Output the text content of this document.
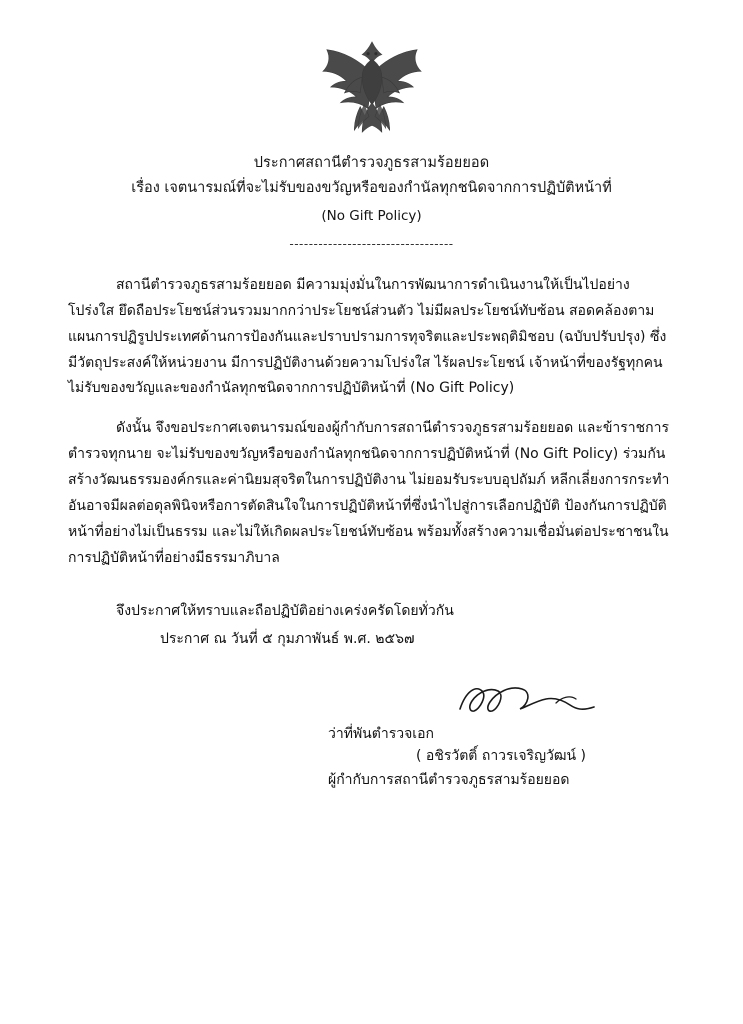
ประกาศสถานีตำรวจภูธรสามร้อยยอด
เรื่อง เจตนารมณ์ที่จะไม่รับของขวัญหรือของกำนัลทุกชนิดจากการปฏิบัติหน้าที่
(No Gift Policy)
----------------------------------

สถานีตำรวจภูธรสามร้อยยอด มีความมุ่งมั่นในการพัฒนาการดำเนินงานให้เป็นไปอย่างโปร่งใส ยึดถือประโยชน์ส่วนรวมมากกว่าประโยชน์ส่วนตัว ไม่มีผลประโยชน์ทับซ้อน สอดคล้องตามแผนการปฏิรูปประเทศด้านการป้องกันและปราบปรามการทุจริตและประพฤติมิชอบ (ฉบับปรับปรุง) ซึ่งมีวัตถุประสงค์ให้หน่วยงาน มีการปฏิบัติงานด้วยความโปร่งใส ไร้ผลประโยชน์ เจ้าหน้าที่ของรัฐทุกคนไม่รับของขวัญและของกำนัลทุกชนิดจากการปฏิบัติหน้าที่ (No Gift Policy)

ดังนั้น จึงขอประกาศเจตนารมณ์ของผู้กำกับการสถานีตำรวจภูธรสามร้อยยอด และข้าราชการตำรวจทุกนาย จะไม่รับของขวัญหรือของกำนัลทุกชนิดจากการปฏิบัติหน้าที่ (No Gift Policy) ร่วมกันสร้างวัฒนธรรมองค์กรและค่านิยมสุจริตในการปฏิบัติงาน ไม่ยอมรับระบบอุปถัมภ์ หลีกเลี่ยงการกระทำอันอาจมีผลต่อดุลพินิจหรือการตัดสินใจในการปฏิบัติหน้าที่ซึ่งนำไปสู่การเลือกปฏิบัติ ป้องกันการปฏิบัติหน้าที่อย่างไม่เป็นธรรม และไม่ให้เกิดผลประโยชน์ทับซ้อน พร้อมทั้งสร้างความเชื่อมั่นต่อประชาชนในการปฏิบัติหน้าที่อย่างมีธรรมาภิบาล

จึงประกาศให้ทราบและถือปฏิบัติอย่างเคร่งครัดโดยทั่วกัน
ประกาศ ณ วันที่ ๕ กุมภาพันธ์ พ.ศ. ๒๕๖๗
ว่าที่พันตำรวจเอก
( อชิรวัตติ์ ถาวรเจริญวัฒน์ )
ผู้กำกับการสถานีตำรวจภูธรสามร้อยยอด
